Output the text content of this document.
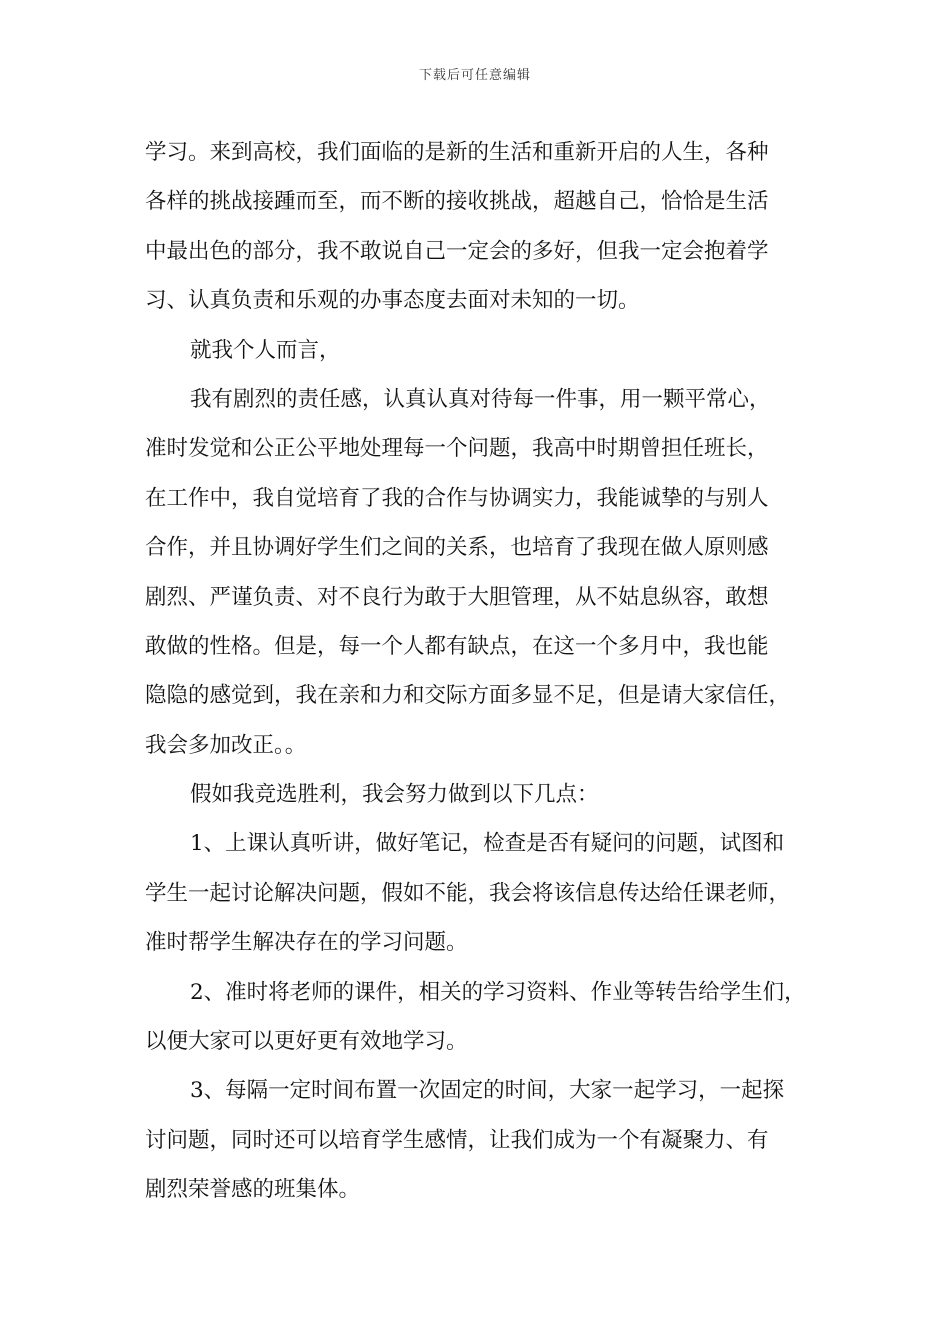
下载后可任意编辑
学习。来到高校，我们面临的是新的生活和重新开启的人生，各种
各样的挑战接踵而至，而不断的接收挑战，超越自己，恰恰是生活
中最出色的部分，我不敢说自己一定会的多好，但我一定会抱着学
习、认真负责和乐观的办事态度去面对未知的一切。
就我个人而言，
我有剧烈的责任感，认真认真对待每一件事，用一颗平常心，
准时发觉和公正公平地处理每一个问题，我高中时期曾担任班长，
在工作中，我自觉培育了我的合作与协调实力，我能诚挚的与别人
合作，并且协调好学生们之间的关系，也培育了我现在做人原则感
剧烈、严谨负责、对不良行为敢于大胆管理，从不姑息纵容，敢想
敢做的性格。但是，每一个人都有缺点，在这一个多月中，我也能
隐隐的感觉到，我在亲和力和交际方面多显不足，但是请大家信任，
我会多加改正。。
假如我竞选胜利，我会努力做到以下几点：
1、上课认真听讲，做好笔记，检查是否有疑问的问题，试图和
学生一起讨论解决问题，假如不能，我会将该信息传达给任课老师，
准时帮学生解决存在的学习问题。
2、准时将老师的课件，相关的学习资料、作业等转告给学生们，
以便大家可以更好更有效地学习。
3、每隔一定时间布置一次固定的时间，大家一起学习，一起探
讨问题，同时还可以培育学生感情，让我们成为一个有凝聚力、有
剧烈荣誉感的班集体。
